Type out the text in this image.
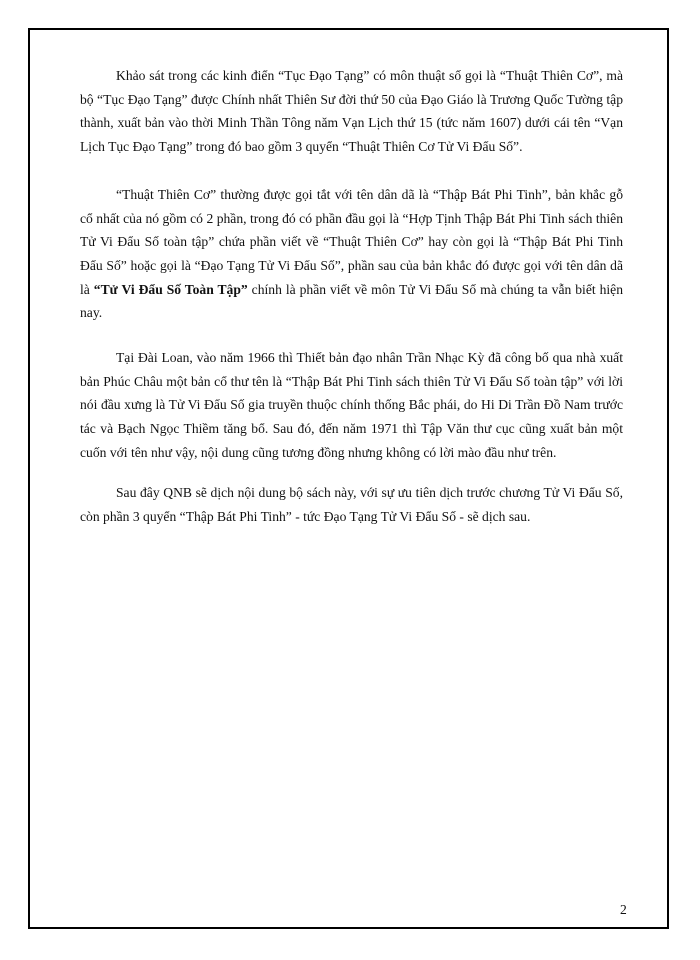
Khảo sát trong các kinh điển “Tục Đạo Tạng” có môn thuật số gọi là “Thuật Thiên Cơ”, mà
bộ “Tục Đạo Tạng” được Chính nhất Thiên Sư đời thứ 50 của Đạo Giáo là Trương Quốc Tường tập
thành, xuất bản vào thời Minh Thần Tông năm Vạn Lịch thứ 15 (tức năm 1607) dưới cái tên “Vạn
Lịch Tục Đạo Tạng” trong đó bao gồm 3 quyển “Thuật Thiên Cơ Tử Vi Đẩu Số”.
“Thuật Thiên Cơ” thường được gọi tắt với tên dân dã là “Thập Bát Phi Tinh”, bản khắc gỗ
cổ nhất của nó gồm có 2 phần, trong đó có phần đầu gọi là “Hợp Tịnh Thập Bát Phi Tinh sách thiên
Tử Vi Đẩu Số toàn tập” chứa phần viết về “Thuật Thiên Cơ” hay còn gọi là “Thập Bát Phi Tinh
Đẩu Số” hoặc gọi là “Đạo Tạng Tử Vi Đẩu Số”, phần sau của bản khắc đó được gọi với tên dân dã
là “Tử Vi Đẩu Số Toàn Tập” chính là phần viết về môn Tử Vi Đẩu Số mà chúng ta vẫn biết hiện
nay.
Tại Đài Loan, vào năm 1966 thì Thiết bản đạo nhân Trần Nhạc Kỳ đã công bố qua nhà xuất
bản Phúc Châu một bản cổ thư tên là “Thập Bát Phi Tinh sách thiên Tử Vi Đẩu Số toàn tập” với lời
nói đầu xưng là Tử Vi Đẩu Số gia truyền thuộc chính thống Bắc phái, do Hi Di Trần Đồ Nam trước
tác và Bạch Ngọc Thiềm tăng bổ. Sau đó, đến năm 1971 thì Tập Văn thư cục cũng xuất bản một
cuốn với tên như vậy, nội dung cũng tương đồng nhưng không có lời mào đầu như trên.
Sau đây QNB sẽ dịch nội dung bộ sách này, với sự ưu tiên dịch trước chương Tử Vi Đẩu Số,
còn phần 3 quyển “Thập Bát Phi Tinh” - tức Đạo Tạng Tử Vi Đẩu Số - sẽ dịch sau.
2
